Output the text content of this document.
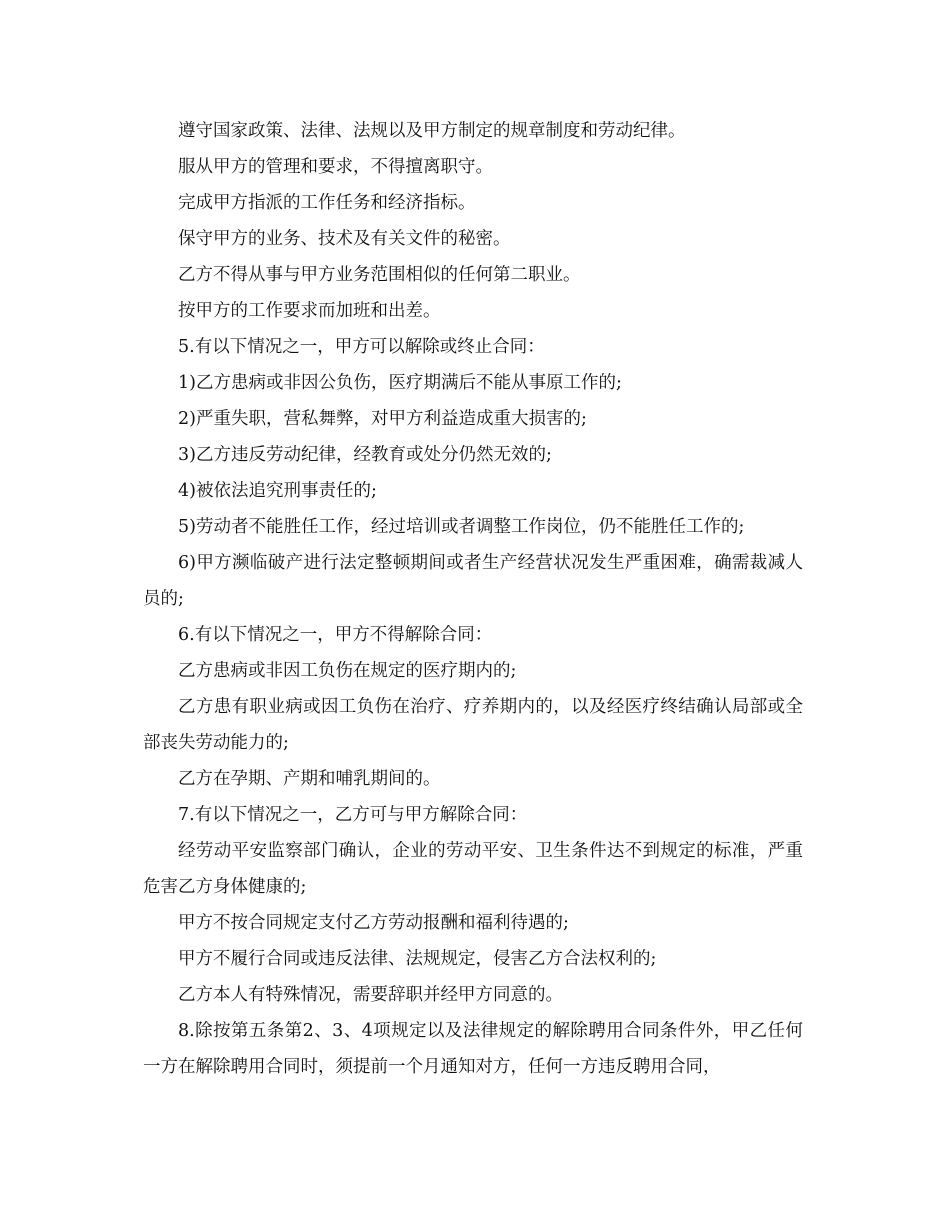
遵守国家政策、法律、法规以及甲方制定的规章制度和劳动纪律。

服从甲方的管理和要求，不得擅离职守。

完成甲方指派的工作任务和经济指标。

保守甲方的业务、技术及有关文件的秘密。

乙方不得从事与甲方业务范围相似的任何第二职业。

按甲方的工作要求而加班和出差。

5.有以下情况之一，甲方可以解除或终止合同：

1)乙方患病或非因公负伤，医疗期满后不能从事原工作的;

2)严重失职，营私舞弊，对甲方利益造成重大损害的;

3)乙方违反劳动纪律，经教育或处分仍然无效的;

4)被依法追究刑事责任的;

5)劳动者不能胜任工作，经过培训或者调整工作岗位，仍不能胜任工作的;

6)甲方濒临破产进行法定整顿期间或者生产经营状况发生严重困难，确需裁减人员的;

6.有以下情况之一，甲方不得解除合同：

乙方患病或非因工负伤在规定的医疗期内的;

乙方患有职业病或因工负伤在治疗、疗养期内的，以及经医疗终结确认局部或全部丧失劳动能力的;

乙方在孕期、产期和哺乳期间的。

7.有以下情况之一，乙方可与甲方解除合同：

经劳动平安监察部门确认，企业的劳动平安、卫生条件达不到规定的标准，严重危害乙方身体健康的;

甲方不按合同规定支付乙方劳动报酬和福利待遇的;

甲方不履行合同或违反法律、法规规定，侵害乙方合法权利的;

乙方本人有特殊情况，需要辞职并经甲方同意的。

8.除按第五条第2、3、4项规定以及法律规定的解除聘用合同条件外，甲乙任何一方在解除聘用合同时，须提前一个月通知对方，任何一方违反聘用合同，
